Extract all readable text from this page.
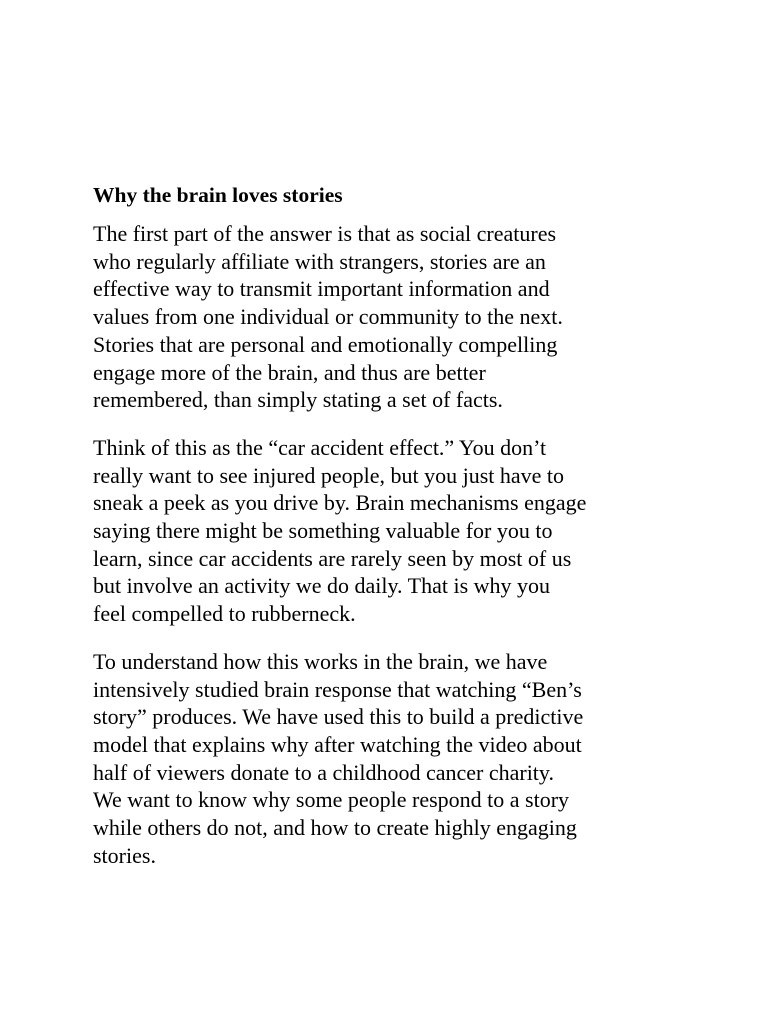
Why the brain loves stories
The first part of the answer is that as social creatures
who regularly affiliate with strangers, stories are an
effective way to transmit important information and
values from one individual or community to the next.
Stories that are personal and emotionally compelling
engage more of the brain, and thus are better
remembered, than simply stating a set of facts.
Think of this as the “car accident effect.” You don’t
really want to see injured people, but you just have to
sneak a peek as you drive by. Brain mechanisms engage
saying there might be something valuable for you to
learn, since car accidents are rarely seen by most of us
but involve an activity we do daily. That is why you
feel compelled to rubberneck.
To understand how this works in the brain, we have
intensively studied brain response that watching “Ben’s
story” produces. We have used this to build a predictive
model that explains why after watching the video about
half of viewers donate to a childhood cancer charity.
We want to know why some people respond to a story
while others do not, and how to create highly engaging
stories.
